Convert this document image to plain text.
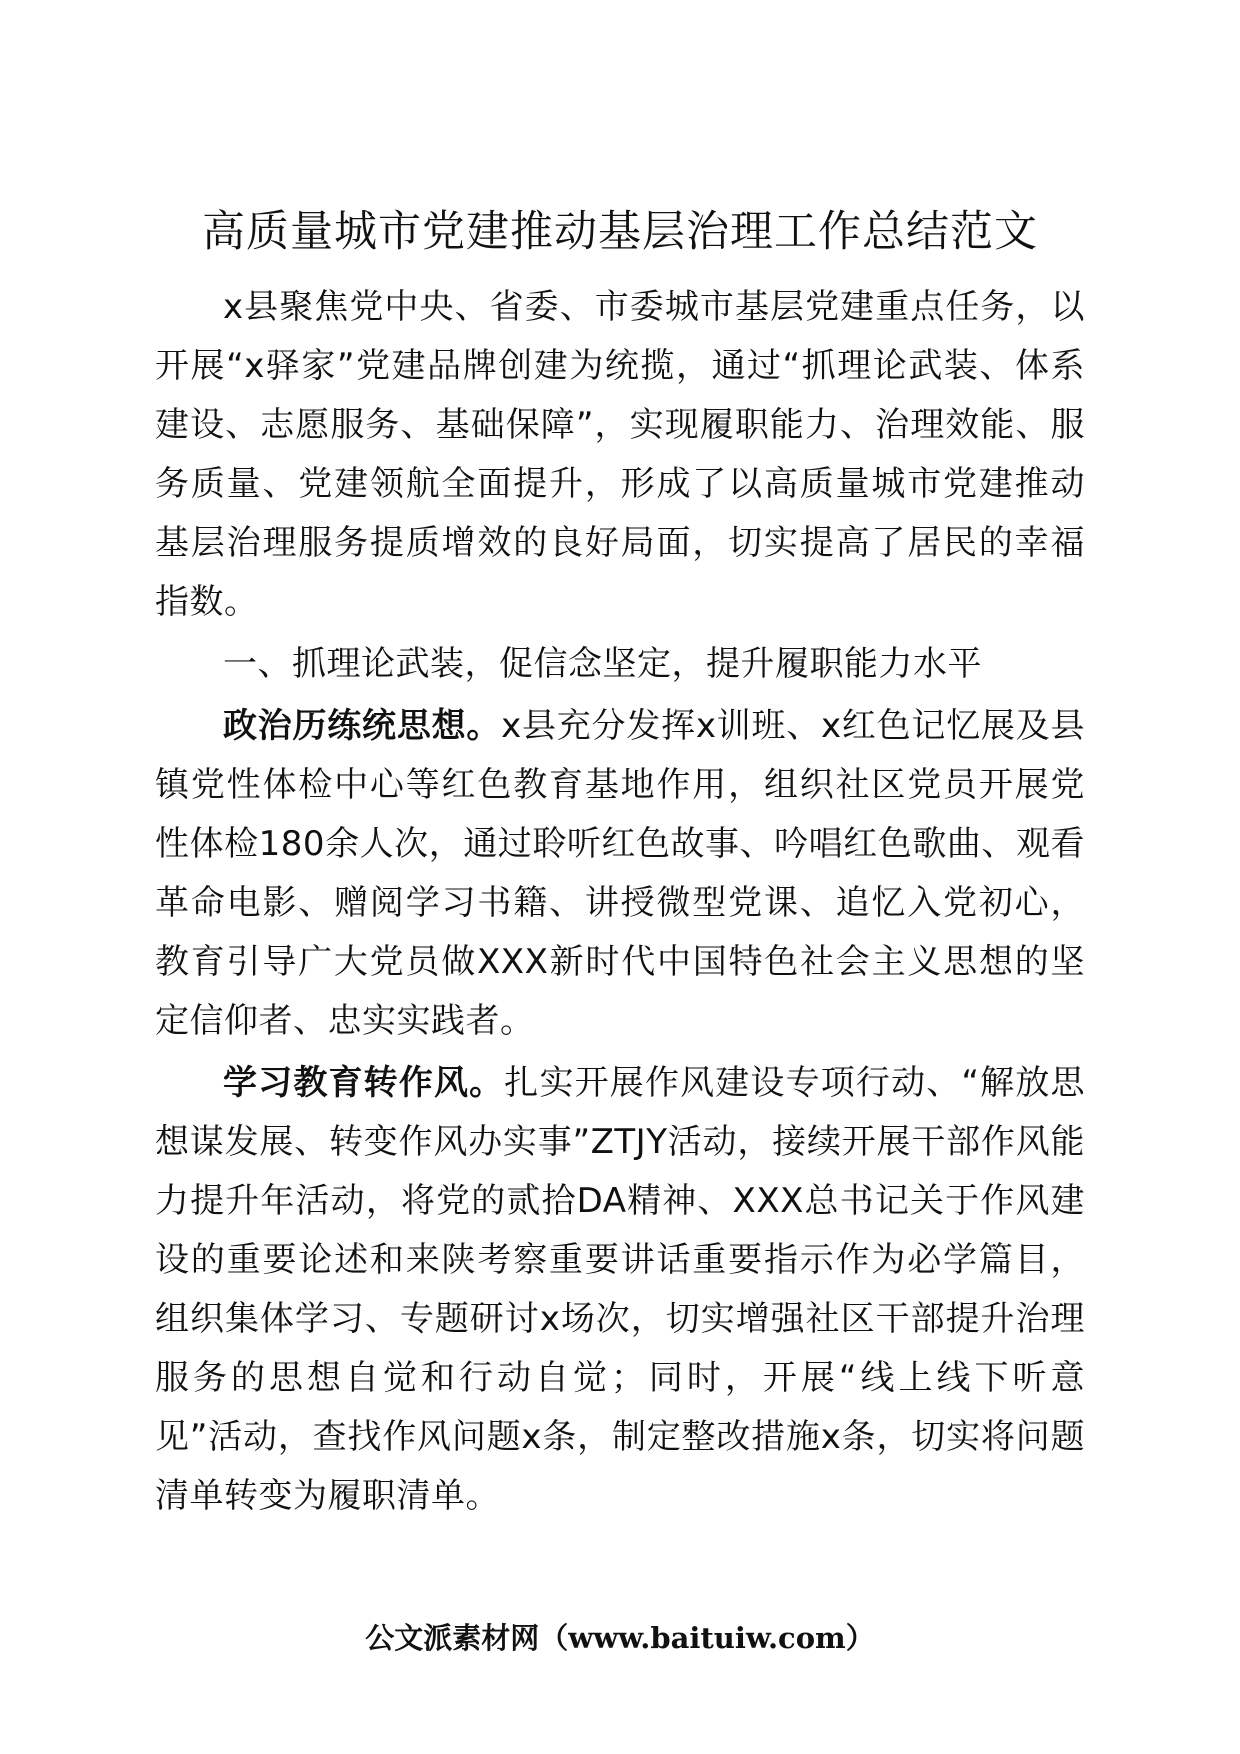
高质量城市党建推动基层治理工作总结范文

x县聚焦党中央、省委、市委城市基层党建重点任务，以开展“x驿家”党建品牌创建为统揽，通过“抓理论武装、体系建设、志愿服务、基础保障”，实现履职能力、治理效能、服务质量、党建领航全面提升，形成了以高质量城市党建推动基层治理服务提质增效的良好局面，切实提高了居民的幸福指数。

一、抓理论武装，促信念坚定，提升履职能力水平

政治历练统思想。x县充分发挥x训班、x红色记忆展及县镇党性体检中心等红色教育基地作用，组织社区党员开展党性体检180余人次，通过聆听红色故事、吟唱红色歌曲、观看革命电影、赠阅学习书籍、讲授微型党课、追忆入党初心，教育引导广大党员做XXX新时代中国特色社会主义思想的坚定信仰者、忠实实践者。

学习教育转作风。扎实开展作风建设专项行动、“解放思想谋发展、转变作风办实事”ZTJY活动，接续开展干部作风能力提升年活动，将党的贰拾DA精神、XXX总书记关于作风建设的重要论述和来陕考察重要讲话重要指示作为必学篇目，组织集体学习、专题研讨x场次，切实增强社区干部提升治理服务的思想自觉和行动自觉；同时，开展“线上线下听意见”活动，查找作风问题x条，制定整改措施x条，切实将问题清单转变为履职清单。

公文派素材网（www.baituiw.com）
